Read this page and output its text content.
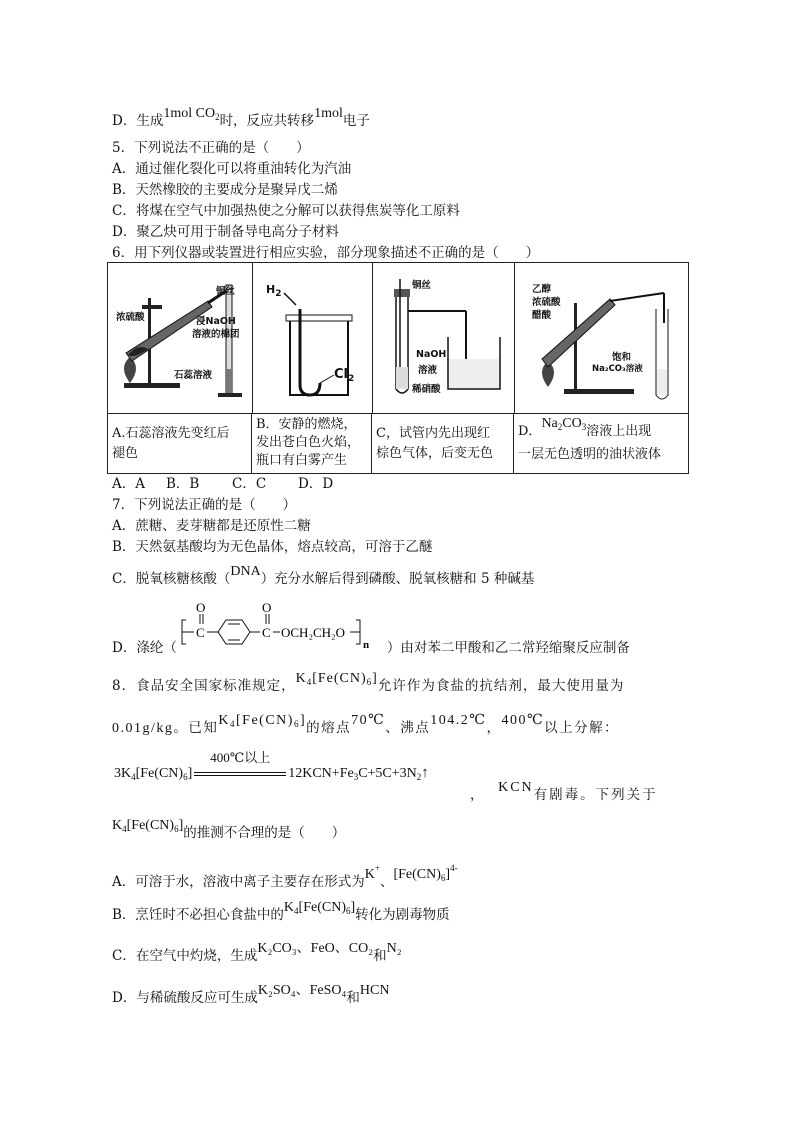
D．生成1mol $CO_2$时，反应共转移1mol电子
5．下列说法不正确的是（　　）
A．通过催化裂化可以将重油转化为汽油
B．天然橡胶的主要成分是聚异戊二烯
C．将煤在空气中加强热使之分解可以获得焦炭等化工原料
D．聚乙炔可用于制备导电高分子材料
6．用下列仪器或装置进行相应实验，部分现象描述不正确的是（　　）
铜丝
浓硫酸	浸NaOH
溶液的棉团
石蕊溶液
$H_2$
$Cl_2$
铜丝
NaOH
溶液
稀硝酸
乙醇
浓硫酸
醋酸
饱和
Na₂CO₃溶液
A.石蕊溶液先变红后
褪色
B．安静的燃烧，
发出苍白色火焰，
瓶口有白雾产生
C，试管内先出现红
棕色气体，后变无色
D．$Na_2CO_3$溶液上出现
一层无色透明的油状液体
A．A B．B C．C D．D
7．下列说法正确的是（　　）
A．蔗糖、麦芽糖都是还原性二糖
B．天然氨基酸均为无色晶体，熔点较高，可溶于乙醚
C．脱氧核糖核酸（DNA）充分水解后得到磷酸、脱氧核糖和 5 种碱基
D．涤纶（	）由对苯二甲酸和乙二常羟缩聚反应制备
C
O
C
O
OCH₂CH₂O
n
8．食品安全国家标准规定，$K_4[Fe(CN)_6]$允许作为食盐的抗结剂，最大使用量为
0.01g/kg。已知$K_4[Fe(CN)_6]$的熔点70℃、沸点104.2℃，400℃以上分解：
$3K_4[Fe(CN)_6]$
400℃以上
$12KCN+Fe_3C+5C+3N_2↑$
， KCN有剧毒。下列关于
$K_4[Fe(CN)_6]$的推测不合理的是（　　）
A．可溶于水，溶液中离子主要存在形式为K+、$[Fe(CN)_6]^{4-}$
B．烹饪时不必担心食盐中的$K_4[Fe(CN)_6]$转化为剧毒物质
C．在空气中灼烧，生成K₂CO₃、FeO、CO₂和N₂
D．与稀硫酸反应可生成K₂SO₄、FeSO₄和HCN
